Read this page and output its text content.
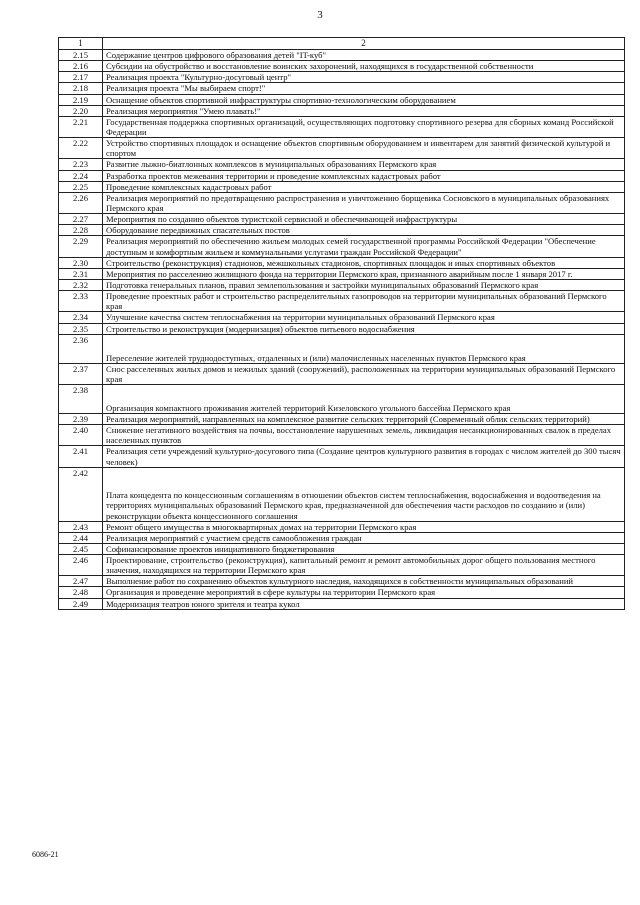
3
1	2
2.15	Содержание центров цифрового образования детей "IT-куб"
2.16	Субсидии на обустройство и восстановление воинских захоронений, находящихся в государственной собственности
2.17	Реализация проекта "Культурно-досуговый центр"
2.18	Реализация проекта "Мы выбираем спорт!"
2.19	Оснащение объектов спортивной инфраструктуры спортивно-технологическим оборудованием
2.20	Реализация мероприятия "Умею плавать!"
2.21	Государственная поддержка спортивных организаций, осуществляющих подготовку спортивного резерва для сборных команд Российской Федерации
2.22	Устройство спортивных площадок и оснащение объектов спортивным оборудованием и инвентарем для занятий физической культурой и спортом
2.23	Развитие лыжно-биатлонных комплексов в муниципальных образованиях Пермского края
2.24	Разработка проектов межевания территории и проведение комплексных кадастровых работ
2.25	Проведение комплексных кадастровых работ
2.26	Реализация мероприятий по предотвращению распространения и уничтожению борщевика Сосновского в муниципальных образованиях Пермского края
2.27	Мероприятия по созданию объектов туристской сервисной и обеспечивающей инфраструктуры
2.28	Оборудование передвижных спасательных постов
2.29	Реализация мероприятий по обеспечению жильем молодых семей государственной программы Российской Федерации "Обеспечение доступным и комфортным жильем и коммунальными услугами граждан Российской Федерации"
2.30	Строительство (реконструкция) стадионов, межшкольных стадионов, спортивных площадок и иных спортивных объектов
2.31	Мероприятия по расселению жилищного фонда на территории Пермского края, признанного аварийным после 1 января 2017 г.
2.32	Подготовка генеральных планов, правил землепользования и застройки муниципальных образований Пермского края
2.33	Проведение проектных работ и строительство распределительных газопроводов на территории муниципальных образований Пермского края
2.34	Улучшение качества систем теплоснабжения на территории муниципальных образований Пермского края
2.35	Строительство и реконструкция (модернизация) объектов питьевого водоснабжения
2.36	Переселение жителей труднодоступных, отдаленных и (или) малочисленных населенных пунктов Пермского края
2.37	Снос расселенных жилых домов и нежилых зданий (сооружений), расположенных на территории муниципальных образований Пермского края
2.38	Организация компактного проживания жителей территорий Кизеловского угольного бассейна Пермского края
2.39	Реализация мероприятий, направленных на комплексное развитие сельских территорий (Современный облик сельских территорий)
2.40	Снижение негативного воздействия на почвы, восстановление нарушенных земель, ликвидация несанкционированных свалок в пределах населенных пунктов
2.41	Реализация сети учреждений культурно-досугового типа (Создание центров культурного развития в городах с числом жителей до 300 тысяч человек)
2.42	Плата концедента по концессионным соглашениям в отношении объектов систем теплоснабжения, водоснабжения и водоотведения на территориях муниципальных образований Пермского края, предназначенной для обеспечения части расходов по созданию и (или) реконструкции объекта концессионного соглашения
2.43	Ремонт общего имущества в многоквартирных домах на территории Пермского края
2.44	Реализация мероприятий с участием средств самообложения граждан
2.45	Софинансирование проектов инициативного бюджетирования
2.46	Проектирование, строительство (реконструкция), капитальный ремонт и ремонт автомобильных дорог общего пользования местного значения, находящихся на территории Пермского края
2.47	Выполнение работ по сохранению объектов культурного наследия, находящихся в собственности муниципальных образований
2.48	Организация и проведение мероприятий в сфере культуры на территории Пермского края
2.49	Модернизация театров юного зрителя и театра кукол
6086-21
